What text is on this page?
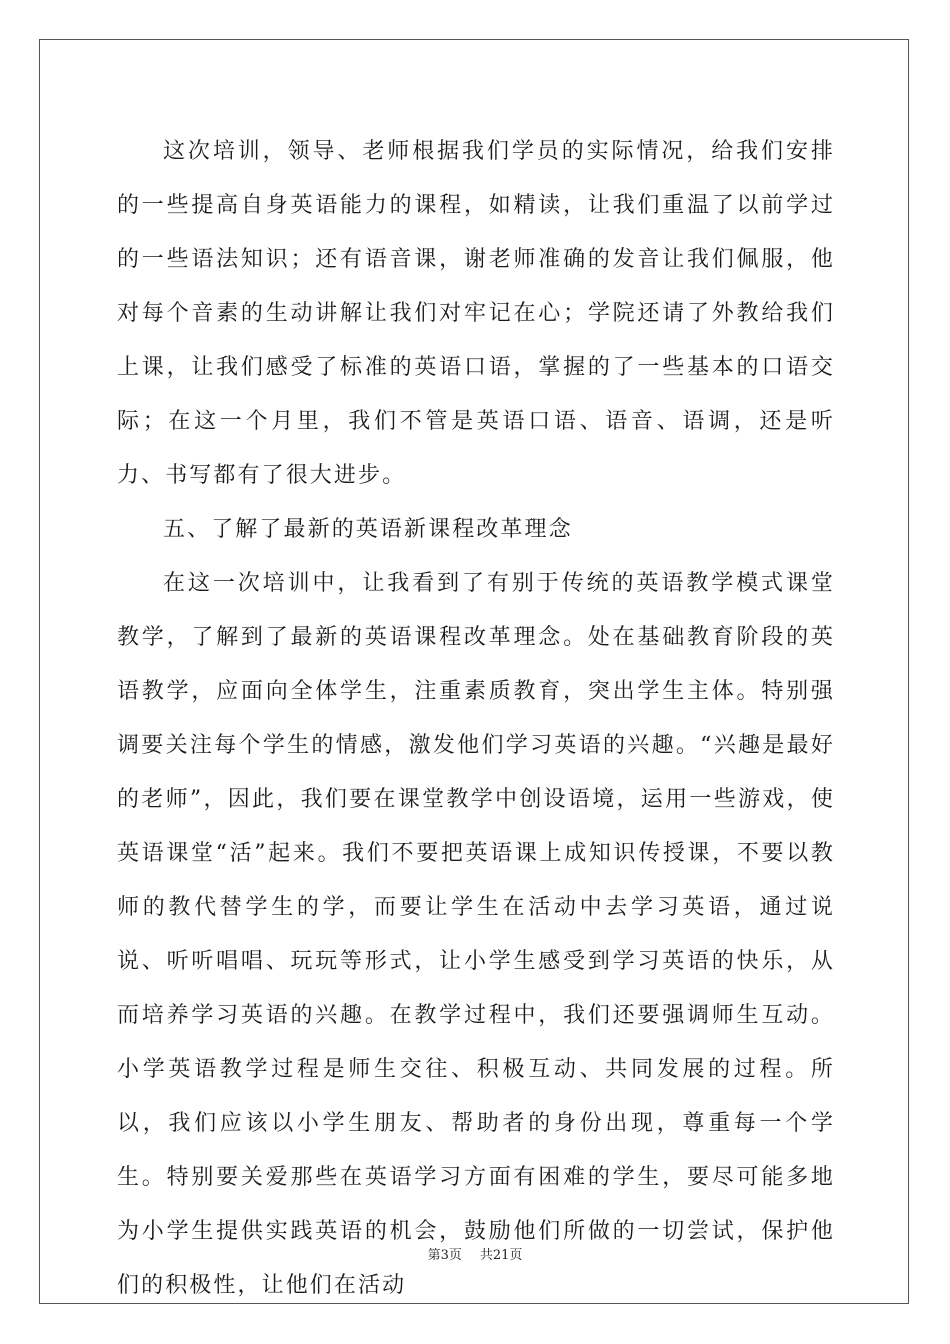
这次培训，领导、老师根据我们学员的实际情况，给我们安排的一些提高自身英语能力的课程，如精读，让我们重温了以前学过的一些语法知识；还有语音课，谢老师准确的发音让我们佩服，他对每个音素的生动讲解让我们对牢记在心；学院还请了外教给我们上课，让我们感受了标准的英语口语，掌握的了一些基本的口语交际；在这一个月里，我们不管是英语口语、语音、语调，还是听力、书写都有了很大进步。

五、了解了最新的英语新课程改革理念

在这一次培训中，让我看到了有别于传统的英语教学模式课堂教学，了解到了最新的英语课程改革理念。处在基础教育阶段的英语教学，应面向全体学生，注重素质教育，突出学生主体。特别强调要关注每个学生的情感，激发他们学习英语的兴趣。“兴趣是最好的老师”，因此，我们要在课堂教学中创设语境，运用一些游戏，使英语课堂“活”起来。我们不要把英语课上成知识传授课，不要以教师的教代替学生的学，而要让学生在活动中去学习英语，通过说说、听听唱唱、玩玩等形式，让小学生感受到学习英语的快乐，从而培养学习英语的兴趣。在教学过程中，我们还要强调师生互动。小学英语教学过程是师生交往、积极互动、共同发展的过程。所以，我们应该以小学生朋友、帮助者的身份出现，尊重每一个学生。特别要关爱那些在英语学习方面有困难的学生，要尽可能多地为小学生提供实践英语的机会，鼓励他们所做的一切尝试，保护他们的积极性，让他们在活动

第3页 共21页
